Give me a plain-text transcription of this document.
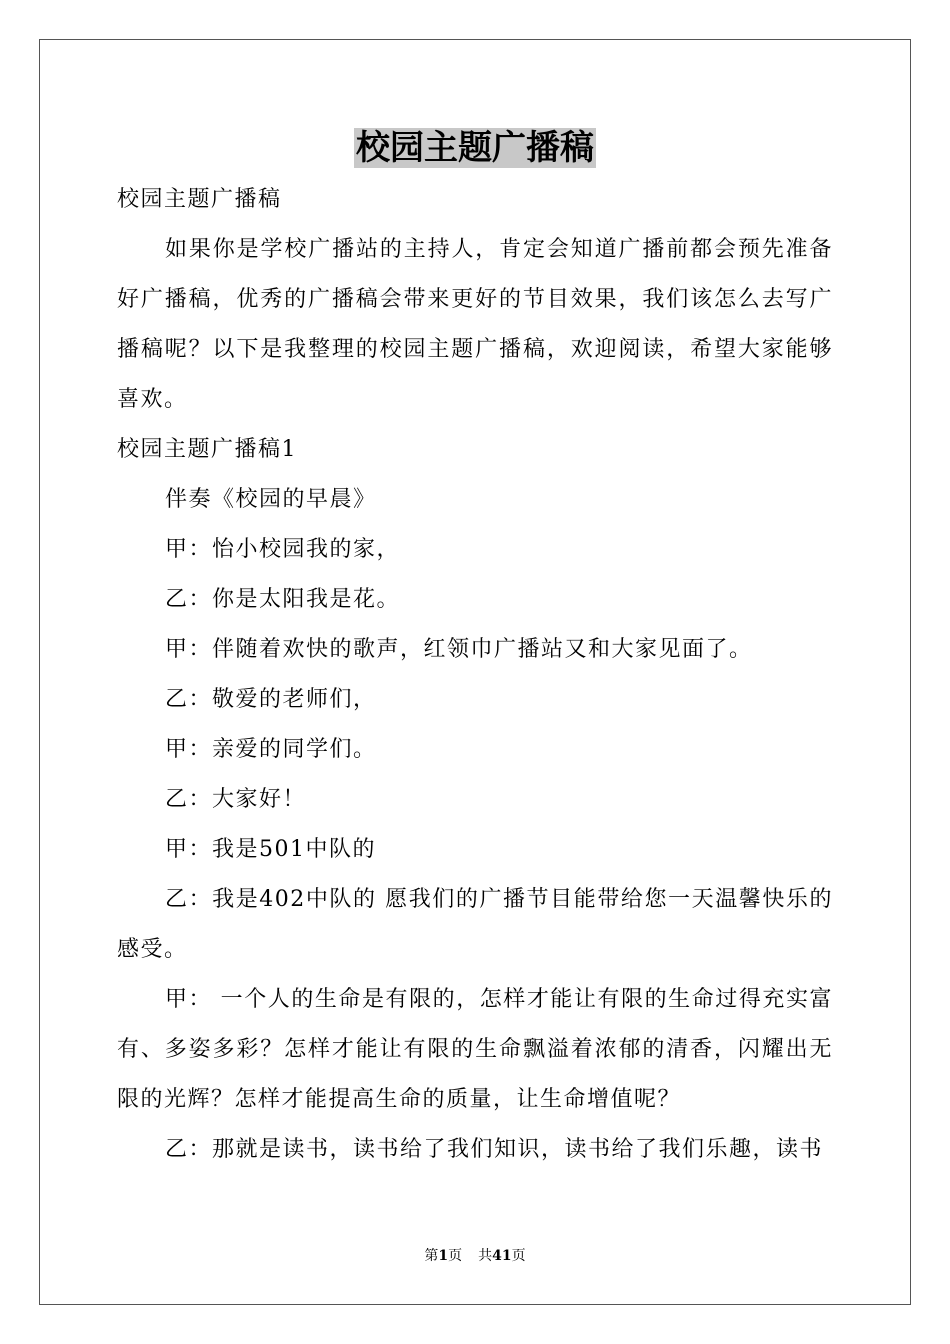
校园主题广播稿

校园主题广播稿

如果你是学校广播站的主持人，肯定会知道广播前都会预先准备好广播稿，优秀的广播稿会带来更好的节目效果，我们该怎么去写广播稿呢？以下是我整理的校园主题广播稿，欢迎阅读，希望大家能够喜欢。

校园主题广播稿1

伴奏《校园的早晨》

甲：怡小校园我的家，

乙：你是太阳我是花。

甲：伴随着欢快的歌声，红领巾广播站又和大家见面了。

乙：敬爱的老师们，

甲：亲爱的同学们。

乙：大家好！

甲：我是501中队的

乙：我是402中队的 愿我们的广播节目能带给您一天温馨快乐的感受。

甲： 一个人的生命是有限的，怎样才能让有限的生命过得充实富有、多姿多彩？怎样才能让有限的生命飘溢着浓郁的清香，闪耀出无限的光辉？怎样才能提高生命的质量，让生命增值呢？

乙：那就是读书，读书给了我们知识，读书给了我们乐趣，读书

第1页 共41页
